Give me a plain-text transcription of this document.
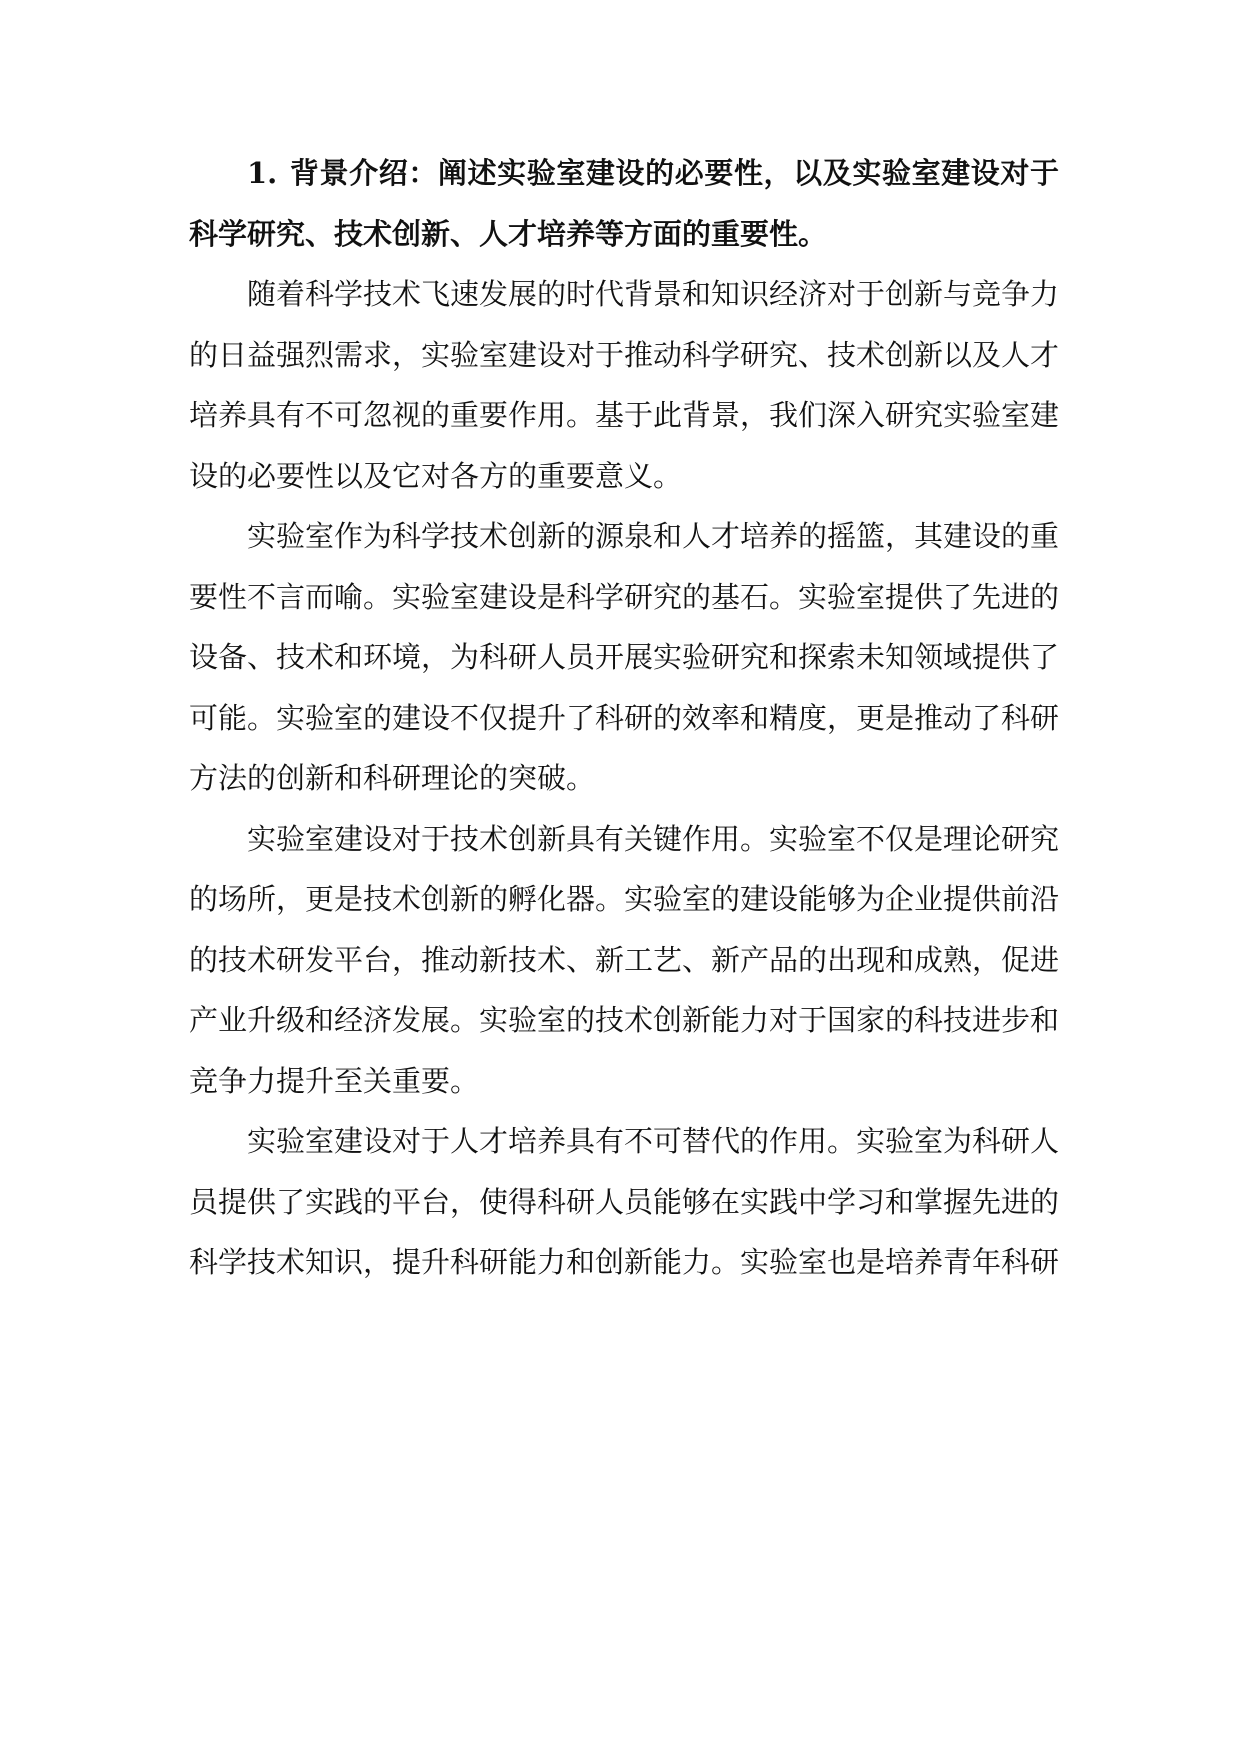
1. 背景介绍：阐述实验室建设的必要性，以及实验室建设对于科学研究、技术创新、人才培养等方面的重要性。

随着科学技术飞速发展的时代背景和知识经济对于创新与竞争力的日益强烈需求，实验室建设对于推动科学研究、技术创新以及人才培养具有不可忽视的重要作用。基于此背景，我们深入研究实验室建设的必要性以及它对各方的重要意义。

实验室作为科学技术创新的源泉和人才培养的摇篮，其建设的重要性不言而喻。实验室建设是科学研究的基石。实验室提供了先进的设备、技术和环境，为科研人员开展实验研究和探索未知领域提供了可能。实验室的建设不仅提升了科研的效率和精度，更是推动了科研方法的创新和科研理论的突破。

实验室建设对于技术创新具有关键作用。实验室不仅是理论研究的场所，更是技术创新的孵化器。实验室的建设能够为企业提供前沿的技术研发平台，推动新技术、新工艺、新产品的出现和成熟，促进产业升级和经济发展。实验室的技术创新能力对于国家的科技进步和竞争力提升至关重要。

实验室建设对于人才培养具有不可替代的作用。实验室为科研人员提供了实践的平台，使得科研人员能够在实践中学习和掌握先进的科学技术知识，提升科研能力和创新能力。实验室也是培养青年科研
